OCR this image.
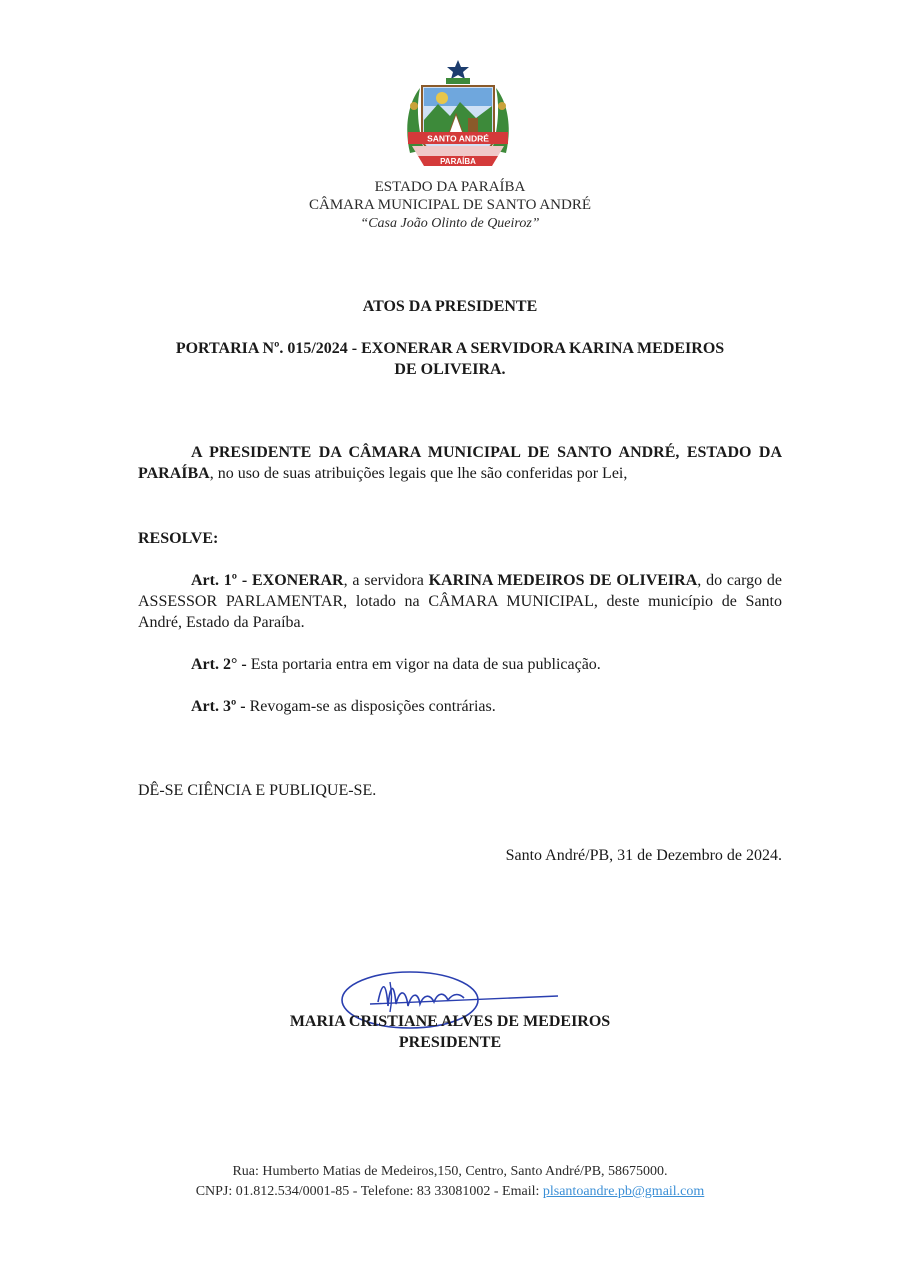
SANTO ANDRÉ
PARAÍBA
ESTADO DA PARAÍBA
CÂMARA MUNICIPAL DE SANTO ANDRÉ
“Casa João Olinto de Queiroz”
ATOS DA PRESIDENTE
PORTARIA Nº. 015/2024 - EXONERAR A SERVIDORA KARINA MEDEIROS
DE OLIVEIRA.
A PRESIDENTE DA CÂMARA MUNICIPAL DE SANTO ANDRÉ, ESTADO DA PARAÍBA, no uso de suas atribuições legais que lhe são conferidas por Lei,
RESOLVE:
Art. 1º - EXONERAR, a servidora KARINA MEDEIROS DE OLIVEIRA, do cargo de ASSESSOR PARLAMENTAR, lotado na CÂMARA MUNICIPAL, deste município de Santo André, Estado da Paraíba.
Art. 2° - Esta portaria entra em vigor na data de sua publicação.
Art. 3º - Revogam-se as disposições contrárias.
DÊ-SE CIÊNCIA E PUBLIQUE-SE.
Santo André/PB, 31 de Dezembro de 2024.
MARIA CRISTIANE ALVES DE MEDEIROS
PRESIDENTE
Rua: Humberto Matias de Medeiros,150, Centro, Santo André/PB, 58675000.
CNPJ: 01.812.534/0001-85 - Telefone: 83 33081002 - Email: plsantoandre.pb@gmail.com
